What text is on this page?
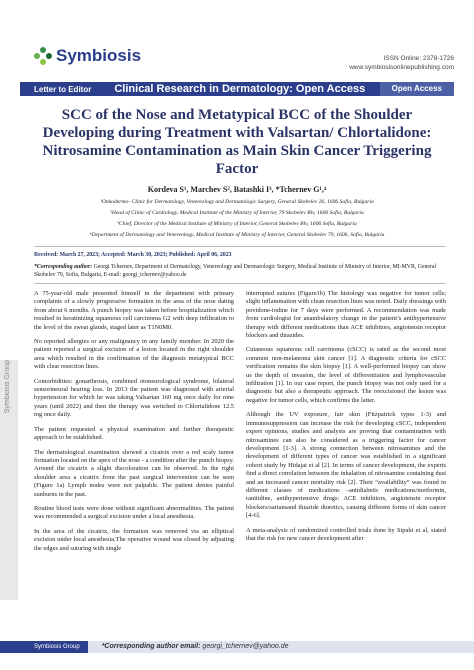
Symbiosis Group
Symbiosis	ISSN Online: 2378-1726
www.symbiosisonlinepublishing.com
Letter to Editor	Clinical Research in Dermatology: Open Access	Open Access
SCC of the Nose and Metatypical BCC of the Shoulder Developing during Treatment with Valsartan/ Chlortalidone: Nitrosamine Contamination as Main Skin Cancer Triggering Factor
Kordeva S¹, Marchev S², Batashki I³, *Tchernev G¹,⁴
¹Onkodermo- Clinic for Dermatology, Venereology and Dermatologic Surgery, General Skobelev 26, 1606 Sofia, Bulgaria
²Head of Clinic of Cardiology, Medical Institute of the Ministry of Interior, 79 Skobelev Blv, 1606 Sofia, Bulgaria
³Chief, Director of the Medical Institute of Ministry of Interior, General Skobelev Blv, 1606 Sofia, Bulgaria
⁴Department of Dermatology and Venereology, Medical Institute of Ministry of Interior, General Skobelev 79, 1606, Sofia, Bulgaria
Received: March 27, 2023; Accepted: March 30, 2023; Published: April 06, 2023
*Corresponding author: Georgi Tchernev, Department of Dermatology, Venereology and Dermatologic Surgery, Medical Institute of Ministry of Interior, MI-MVR, General Skobelev 79, Sofia, Bulgaria, E-mail: georgi_tchernev@yahoo.de

A 75-year-old male presented himself in the department with primary complaints of a slowly progressive formation in the area of the nose dating from about 6 months. A punch biopsy was taken before hospitalization which resulted in keratinizing squamous cell carcinoma G2 with deep infiltration to the level of the sweat glands, staged later as T1N0M0.

No reported allergies or any malignancy in any family member. In 2020 the patient reported a surgical excision of a lesion located in the right shoulder area which resulted in the confirmation of the diagnosis metatypical BCC with clear resection lines.

Comorbidities: gonarthrosis, combined otoneurological syndrome, bilateral sensorineural hearing loss. In 2013 the patient was diagnosed with arterial hypertension for which he was taking Valsartan 160 mg once daily for nine years (until 2022) and then the therapy was switched to Chlortalidone 12.5 mg once daily.

The patient requested a physical examination and further therapeutic approach to be established.

The dermatological examination showed a cicatrix over a red scaly tumor formation located on the apex of the nose - a condition after the punch biopsy. Around the cicatrix a slight discoloration can be observed. In the right shoulder area a cicatrix from the past surgical intervention can be seen (Figure 1a) Lymph nodes were not palpable. The patient denies painful sunburns in the past.

Routine blood tests were done without significant abnormalities. The patient was recommended a surgical excision under a local anesthesia.

In the area of the cicatrix, the formation was removed via an elliptical excision under local anesthesia.The operative wound was closed by adjusting the edges and suturing with single

interrupted sutures (Figure1b) The histology was negative for tumor cells; slight inflammation with clean resection lines was noted. Daily dressings with povidone-iodine for 7 days were performed. A recommendation was made from cardiologist for anambulatory change in the patient’s antihypertensive therapy with different medications than ACE inhibitors, angiotensin receptor blockers and thiazides.

Cutaneous squamous cell carcinoma (cSCC) is rated as the second most common non-melanoma skin cancer [1]. A diagnostic criteria for cSCC verification remains the skin biopsy [1]. A well-performed biopsy can show us the depth of invasion, the level of differentiation and lymphovascular infiltration [1]. In our case report, the punch biopsy was not only used for a diagnostic but also a therapeutic approach. The reexcisionof the lesion was negative for tumor cells, which confirms the latter.

Although the UV exposure, fair skin (Fitzpatrick types 1-3) and immunosuppression can increase the risk for developing cSCC, independent expert opinions, studies and analysis are proving that contamination with nitrosamines can also be considered as a triggering factor for cancer development [1-3]. A strong connection between nitrosamines and the development of different types of cancer was established in a significant cohort study by Hidajat et al [2]. In terms of cancer development, the experts find a direct correlation between the inhalation of nitrosamine containing dust and an increased cancer mortality risk [2]. Their “availability” was found in different classes of medications –antidiabetic medications/metformin, ranitidine, antihypertensive drugs: ACE inhibitors, angiotensin receptor blockers/sartansand thiazide diuretics, causing different forms of skin cancer [4-6].

A meta-analysis of randomized controlled trials done by Sipahi et al, stated that the risk for new cancer development after

Symbiosis Group	*Corresponding author email: georgi_tchernev@yahoo.de
